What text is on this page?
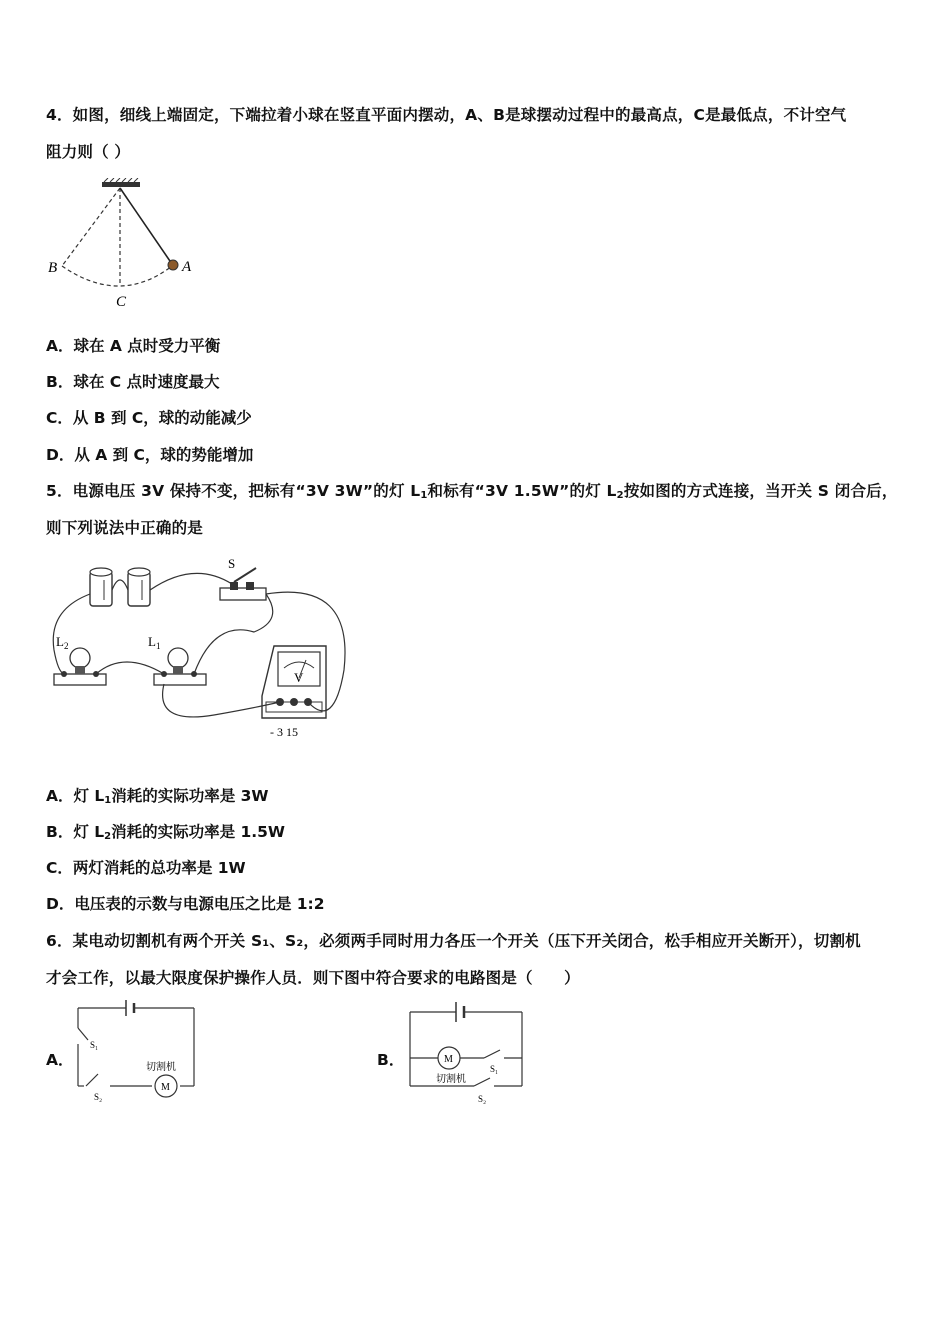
4．如图，细线上端固定，下端拉着小球在竖直平面内摆动，A、B是球摆动过程中的最高点，C是最低点，不计空气
阻力则（ ）
A
B
C
A．球在 A 点时受力平衡
B．球在 C 点时速度最大
C．从 B 到 C，球的动能减少
D．从 A 到 C，球的势能增加
5．电源电压 3V 保持不变，把标有“3V 3W”的灯 $L_1$和标有“3V 1.5W”的灯 $L_2$按如图的方式连接，当开关 S 闭合后，
则下列说法中正确的是
S
$L_2$	$L_1$
V
- 3 15
A．灯 $L_1$消耗的实际功率是 3W
B．灯 $L_2$消耗的实际功率是 1.5W
C．两灯消耗的总功率是 1W
D．电压表的示数与电源电压之比是 1:2
6．某电动切割机有两个开关 S₁、S₂，必须两手同时用力各压一个开关（压下开关闭合，松手相应开关断开），切割机
才会工作，以最大限度保护操作人员．则下图中符合要求的电路图是（　　）
A．
M
切割机
S₁
S₂
B．	M
切割机
S₁
S₂
